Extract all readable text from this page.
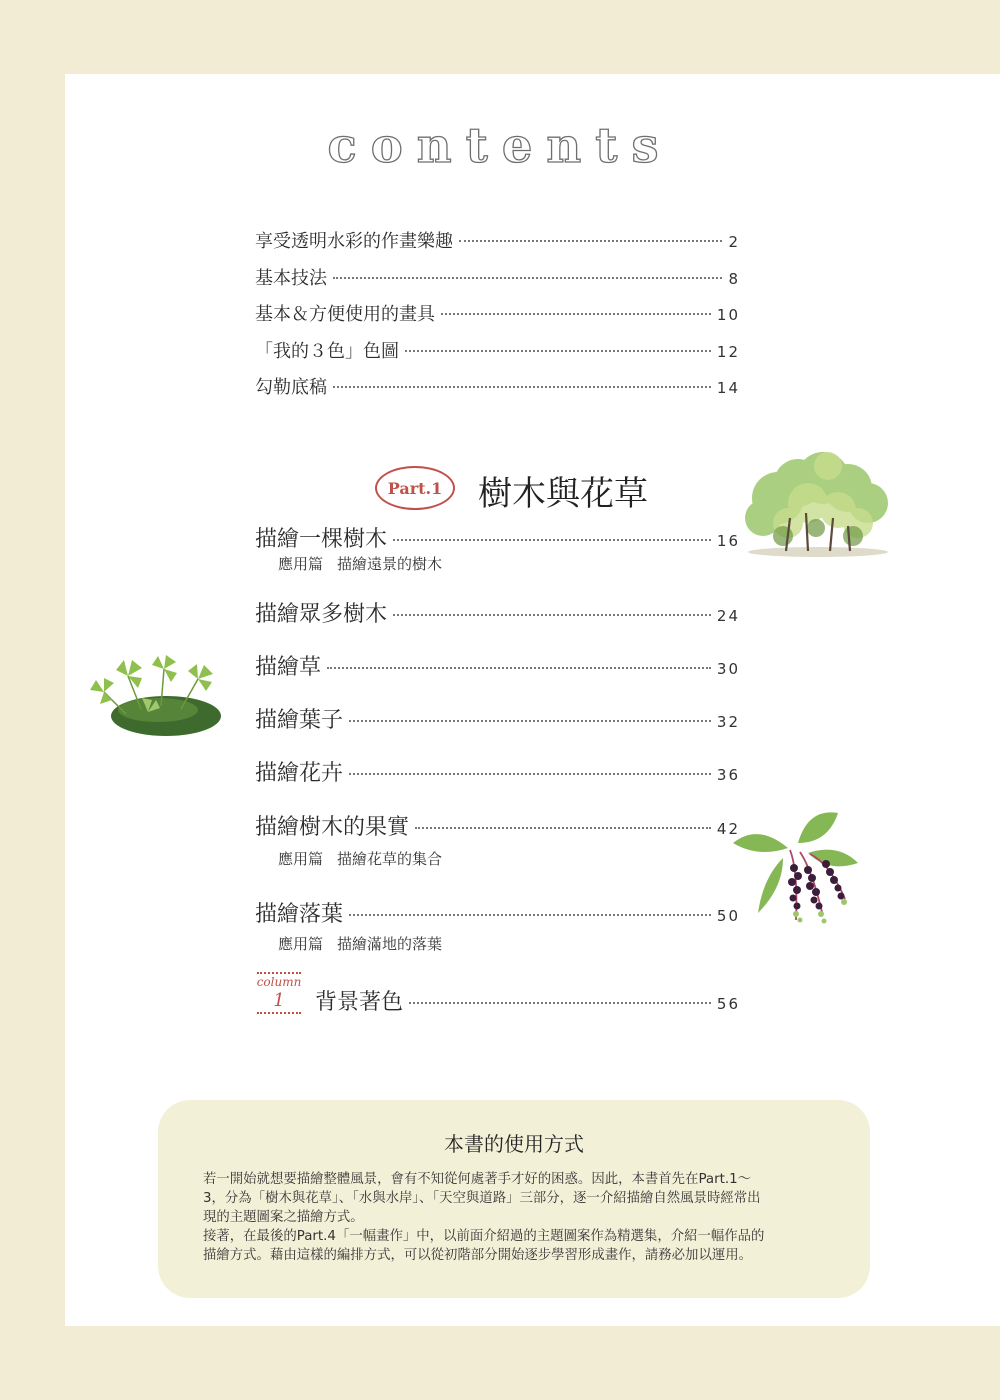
contents
享受透明水彩的作畫樂趣	2
基本技法	8
基本＆方便使用的畫具	10
「我的３色」色圖	12
勾勒底稿	14
Part.1	樹木與花草
描繪一棵樹木	16
應用篇 描繪遠景的樹木
描繪眾多樹木	24
描繪草	30
描繪葉子	32
描繪花卉	36
描繪樹木的果實	42
應用篇 描繪花草的集合
描繪落葉	50
應用篇 描繪滿地的落葉
column
1	背景著色	56
本書的使用方式

若一開始就想要描繪整體風景，會有不知從何處著手才好的困惑。因此，本書首先在Part.1～

3，分為「樹木與花草」、「水與水岸」、「天空與道路」三部分，逐一介紹描繪自然風景時經常出

現的主題圖案之描繪方式。

接著，在最後的Part.4「一幅畫作」中，以前面介紹過的主題圖案作為精選集，介紹一幅作品的

描繪方式。藉由這樣的編排方式，可以從初階部分開始逐步學習形成畫作，請務必加以運用。
